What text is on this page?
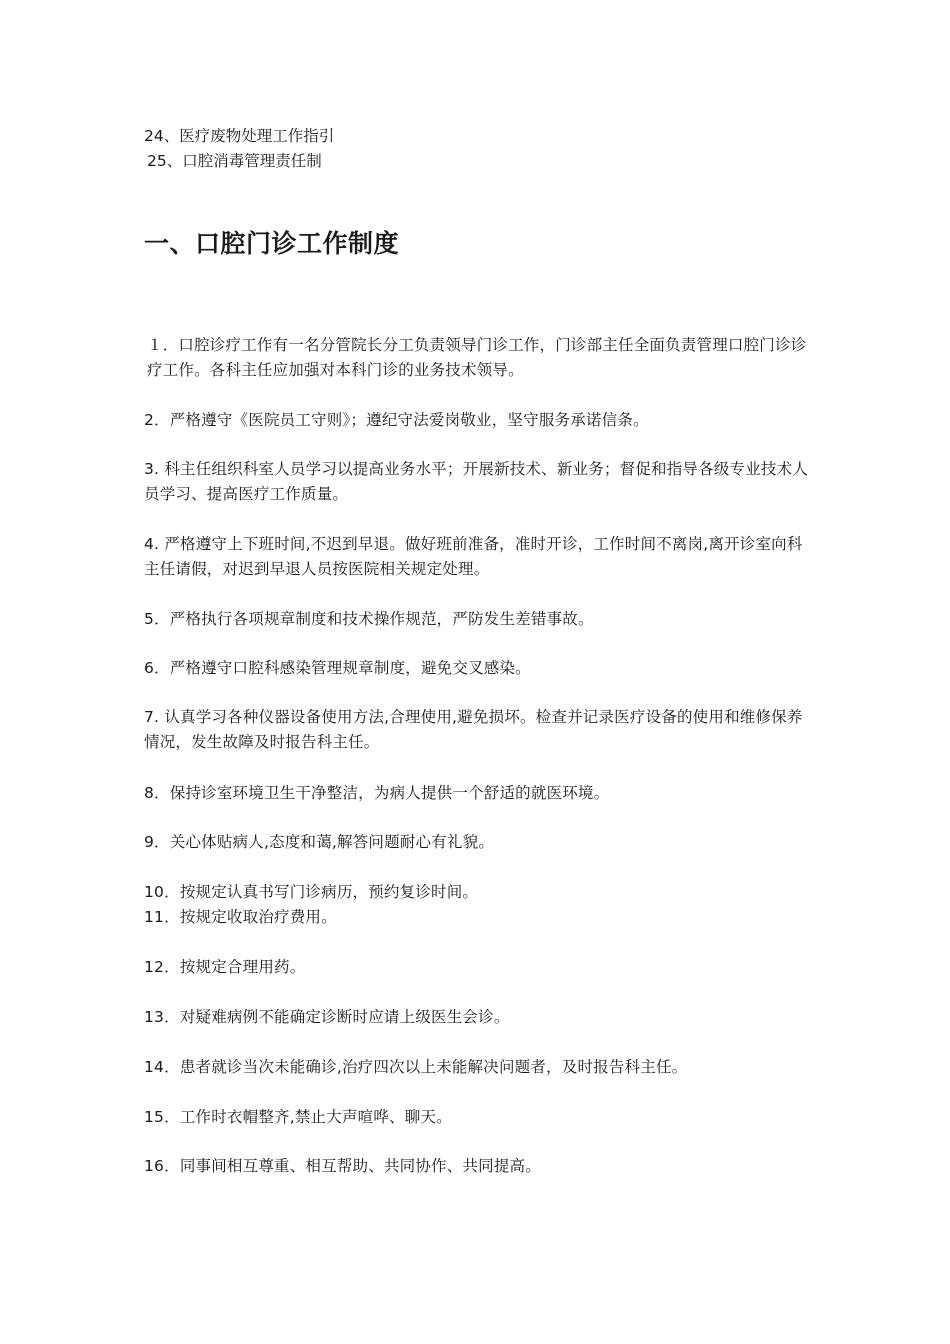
24、医疗废物处理工作指引
25、口腔消毒管理责任制
一、口腔门诊工作制度
１．口腔诊疗工作有一名分管院长分工负责领导门诊工作，门诊部主任全面负责管理口腔门诊诊疗工作。各科主任应加强对本科门诊的业务技术领导。
2．严格遵守《医院员工守则》；遵纪守法爱岗敬业，坚守服务承诺信条。
3. 科主任组织科室人员学习以提高业务水平；开展新技术、新业务；督促和指导各级专业技术人员学习、提高医疗工作质量。
4. 严格遵守上下班时间,不迟到早退。做好班前准备，准时开诊，工作时间不离岗,离开诊室向科主任请假，对迟到早退人员按医院相关规定处理。
5．严格执行各项规章制度和技术操作规范，严防发生差错事故。
6．严格遵守口腔科感染管理规章制度，避免交叉感染。
7. 认真学习各种仪器设备使用方法,合理使用,避免损坏。检查并记录医疗设备的使用和维修保养情况，发生故障及时报告科主任。
8．保持诊室环境卫生干净整洁，为病人提供一个舒适的就医环境。
9．关心体贴病人,态度和蔼,解答问题耐心有礼貌。
10．按规定认真书写门诊病历，预约复诊时间。
11．按规定收取治疗费用。
12．按规定合理用药。
13．对疑难病例不能确定诊断时应请上级医生会诊。
14．患者就诊当次未能确诊,治疗四次以上未能解决问题者，及时报告科主任。
15．工作时衣帽整齐,禁止大声喧哗、聊天。
16．同事间相互尊重、相互帮助、共同协作、共同提高。
